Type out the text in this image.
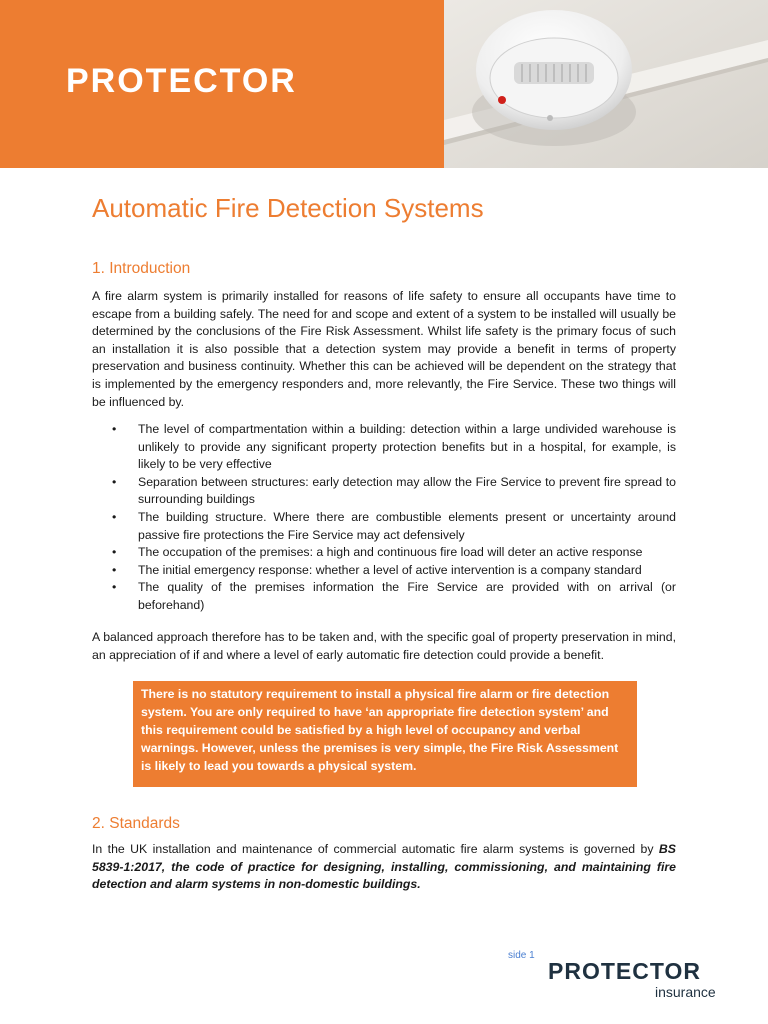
PROTECTOR
Automatic Fire Detection Systems
1. Introduction

A fire alarm system is primarily installed for reasons of life safety to ensure all occupants have time to escape from a building safely. The need for and scope and extent of a system to be installed will usually be determined by the conclusions of the Fire Risk Assessment. Whilst life safety is the primary focus of such an installation it is also possible that a detection system may provide a benefit in terms of property preservation and business continuity. Whether this can be achieved will be dependent on the strategy that is implemented by the emergency responders and, more relevantly, the Fire Service. These two things will be influenced by.

• The level of compartmentation within a building: detection within a large undivided warehouse is unlikely to provide any significant property protection benefits but in a hospital, for example, is likely to be very effective
• Separation between structures: early detection may allow the Fire Service to prevent fire spread to surrounding buildings
• The building structure. Where there are combustible elements present or uncertainty around passive fire protections the Fire Service may act defensively
• The occupation of the premises: a high and continuous fire load will deter an active response
• The initial emergency response: whether a level of active intervention is a company standard
• The quality of the premises information the Fire Service are provided with on arrival (or beforehand)

A balanced approach therefore has to be taken and, with the specific goal of property preservation in mind, an appreciation of if and where a level of early automatic fire detection could provide a benefit.

There is no statutory requirement to install a physical fire alarm or fire detection system. You are only required to have ‘an appropriate fire detection system’ and this requirement could be satisfied by a high level of occupancy and verbal warnings. However, unless the premises is very simple, the Fire Risk Assessment is likely to lead you towards a physical system.
2. Standards

In the UK installation and maintenance of commercial automatic fire alarm systems is governed by BS 5839-1:2017, the code of practice for designing, installing, commissioning, and maintaining fire detection and alarm systems in non-domestic buildings.

side 1
PROTECTOR
insurance
